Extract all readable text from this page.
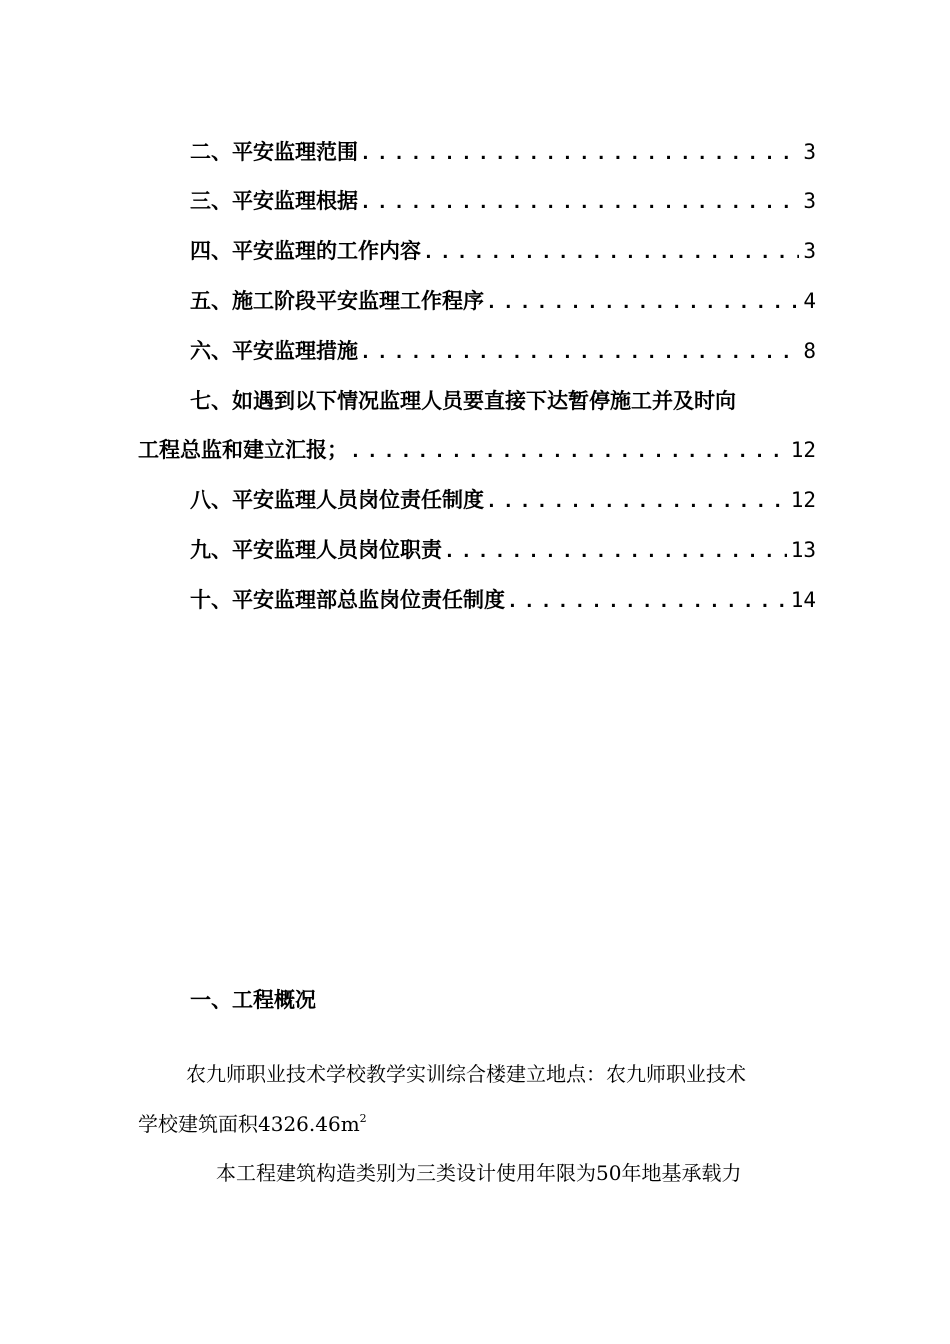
二、平安监理范围 .....	3
三、平安监理根据 .....	3
四、平安监理的工作内容 .....	3
五、施工阶段平安监理工作程序 .....	4
六、平安监理措施 .....	8
七、如遇到以下情况监理人员要直接下达暂停施工并及时向
工程总监和建立汇报； .....	12
八、平安监理人员岗位责任制度 .....	12
九、平安监理人员岗位职责 .....	13
十、平安监理部总监岗位责任制度 .....	14
一、工程概况
农九师职业技术学校教学实训综合楼建立地点：农九师职业技术
学校建筑面积$4326.46m^2$
本工程建筑构造类别为三类设计使用年限为50年地基承载力
